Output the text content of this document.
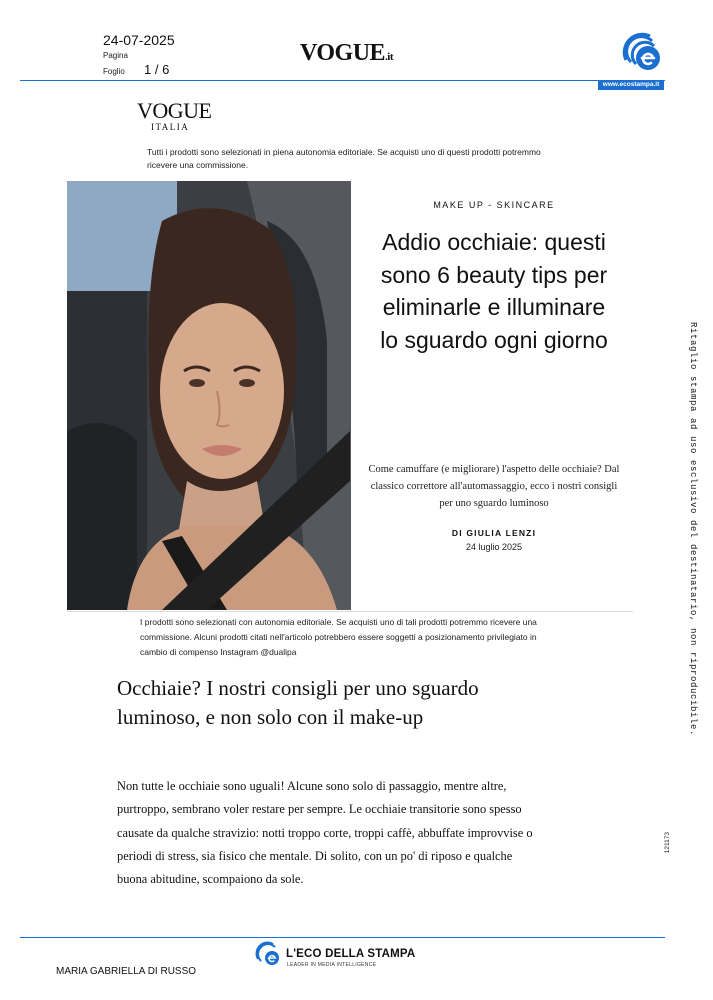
24-07-2025
Pagina
Foglio 1 / 6
VOGUE.it
www.ecostampa.it
VOGUE
ITALIA
Tutti i prodotti sono selezionati in piena autonomia editoriale. Se acquisti uno di questi prodotti potremmo ricevere una commissione.
MAKE UP - SKINCARE
Addio occhiaie: questi sono 6 beauty tips per eliminarle e illuminare lo sguardo ogni giorno
Come camuffare (e migliorare) l'aspetto delle occhiaie? Dal classico correttore all'automassaggio, ecco i nostri consigli per uno sguardo luminoso
DI GIULIA LENZI
24 luglio 2025
I prodotti sono selezionati con autonomia editoriale. Se acquisti uno di tali prodotti potremmo ricevere una commissione. Alcuni prodotti citati nell'articolo potrebbero essere soggetti a posizionamento privilegiato in cambio di compenso Instagram @dualipa
Occhiaie? I nostri consigli per uno sguardo luminoso, e non solo con il make-up

Non tutte le occhiaie sono uguali! Alcune sono solo di passaggio, mentre altre, purtroppo, sembrano voler restare per sempre. Le occhiaie transitorie sono spesso causate da qualche stravizio: notti troppo corte, troppi caffè, abbuffate improvvise o periodi di stress, sia fisico che mentale. Di solito, con un po' di riposo e qualche buona abitudine, scompaiono da sole.

Ritaglio stampa ad uso esclusivo del destinatario, non riproducibile.
121173
L'ECO DELLA STAMPA
LEADER IN MEDIA INTELLIGENCE
MARIA GABRIELLA DI RUSSO
